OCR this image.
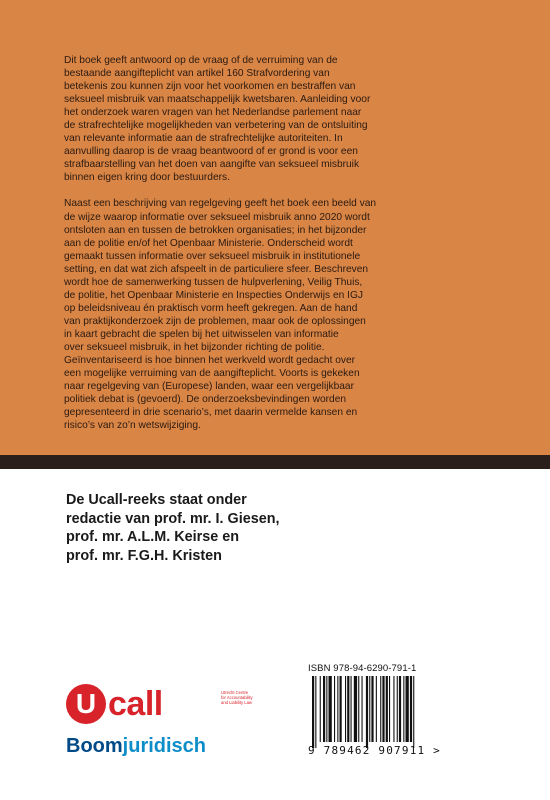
Dit boek geeft antwoord op de vraag of de verruiming van de
bestaande aangifteplicht van artikel 160 Strafvordering van
betekenis zou kunnen zijn voor het voorkomen en bestraffen van
seksueel misbruik van maatschappelijk kwetsbaren. Aanleiding voor
het onderzoek waren vragen van het Nederlandse parlement naar
de strafrechtelijke mogelijkheden van verbetering van de ontsluiting
van relevante informatie aan de strafrechtelijke autoriteiten. In
aanvulling daarop is de vraag beantwoord of er grond is voor een
strafbaarstelling van het doen van aangifte van seksueel misbruik
binnen eigen kring door bestuurders.

Naast een beschrijving van regelgeving geeft het boek een beeld van
de wijze waarop informatie over seksueel misbruik anno 2020 wordt
ontsloten aan en tussen de betrokken organisaties; in het bijzonder
aan de politie en/of het Openbaar Ministerie. Onderscheid wordt
gemaakt tussen informatie over seksueel misbruik in institutionele
setting, en dat wat zich afspeelt in de particuliere sfeer. Beschreven
wordt hoe de samenwerking tussen de hulpverlening, Veilig Thuis,
de politie, het Openbaar Ministerie en Inspecties Onderwijs en IGJ
op beleidsniveau én praktisch vorm heeft gekregen. Aan de hand
van praktijkonderzoek zijn de problemen, maar ook de oplossingen
in kaart gebracht die spelen bij het uitwisselen van informatie
over seksueel misbruik, in het bijzonder richting de politie.
Geïnventariseerd is hoe binnen het werkveld wordt gedacht over
een mogelijke verruiming van de aangifteplicht. Voorts is gekeken
naar regelgeving van (Europese) landen, waar een vergelijkbaar
politiek debat is (gevoerd). De onderzoeksbevindingen worden
gepresenteerd in drie scenario’s, met daarin vermelde kansen en
risico’s van zo’n wetswijziging.

De Ucall-reeks staat onder
redactie van prof. mr. I. Giesen,
prof. mr. A.L.M. Keirse en
prof. mr. F.G.H. Kristen
ISBN 978-94-6290-791-1
9 789462 907911 >
U call	Utrecht Centre
for Accountability
and Liability Law
Boomjuridisch
